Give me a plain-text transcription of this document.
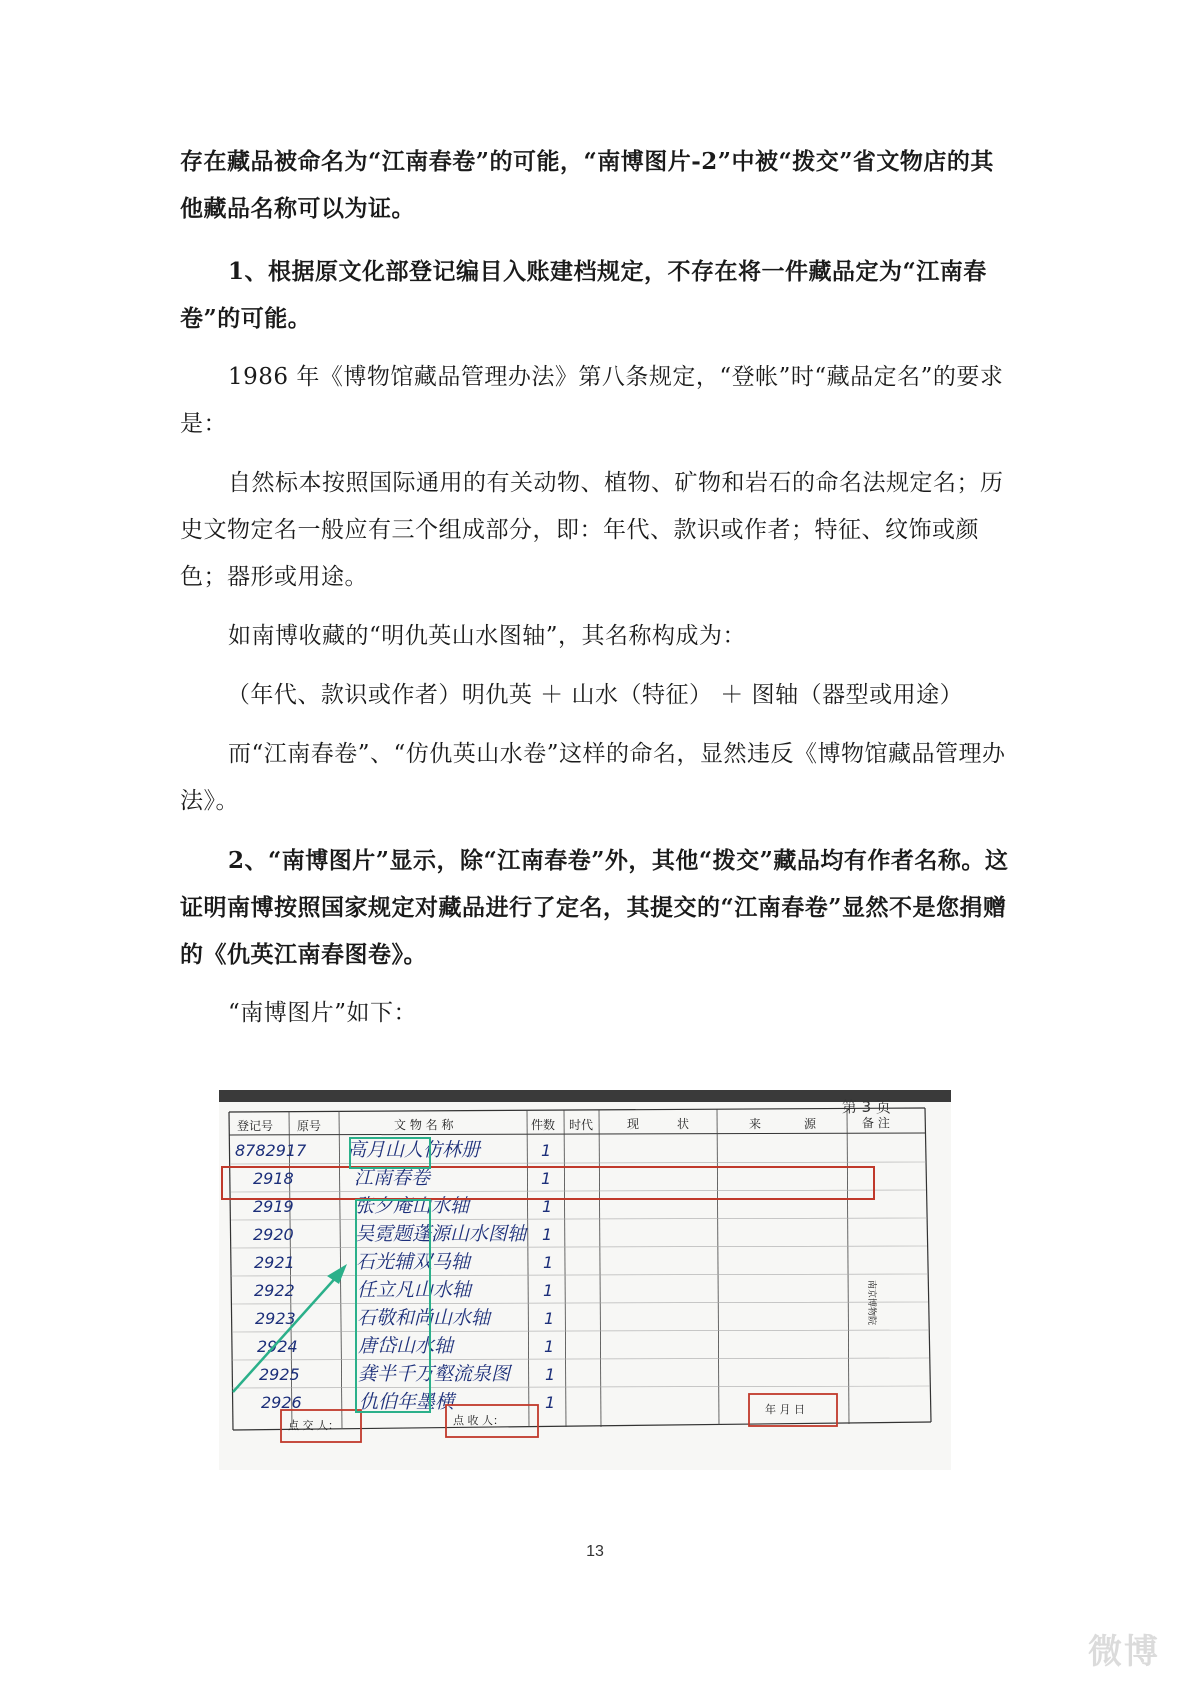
存在藏品被命名为“江南春卷”的可能，“南博图片-2”中被“拨交”省文物店的其他藏品名称可以为证。

1、根据原文化部登记编目入账建档规定，不存在将一件藏品定为“江南春卷”的可能。

1986 年《博物馆藏品管理办法》第八条规定，“登帐”时“藏品定名”的要求是：

自然标本按照国际通用的有关动物、植物、矿物和岩石的命名法规定名；历史文物定名一般应有三个组成部分，即：年代、款识或作者；特征、纹饰或颜色；器形或用途。

如南博收藏的“明仇英山水图轴”，其名称构成为：

（年代、款识或作者）明仇英 ＋ 山水（特征） ＋ 图轴（器型或用途）

而“江南春卷”、“仿仇英山水卷”这样的命名，显然违反《博物馆藏品管理办法》。

2、“南博图片”显示，除“江南春卷”外，其他“拨交”藏品均有作者名称。这证明南博按照国家规定对藏品进行了定名，其提交的“江南春卷”显然不是您捐赠的《仇英江南春图卷》。

“南博图片”如下：

第 3 页
登记号 原号	文 物 名 称	件数 时代	现	状	来	源	备 注
8782917 高月山人仿林册	1
2918	江南春卷	1
2919	张夕庵山水轴	1
2920	吴霓题蓬源山水图轴 1
2921	石光辅双马轴	1
2922	任立凡山水轴	1
2923	石敬和尚山水轴	1
2924	唐岱山水轴	1
2925	龚半千万壑流泉图 1
2926	仇伯年墨横	1
南京博物院
点 交 人：	点 收 人：
年 月 日
13
微博
